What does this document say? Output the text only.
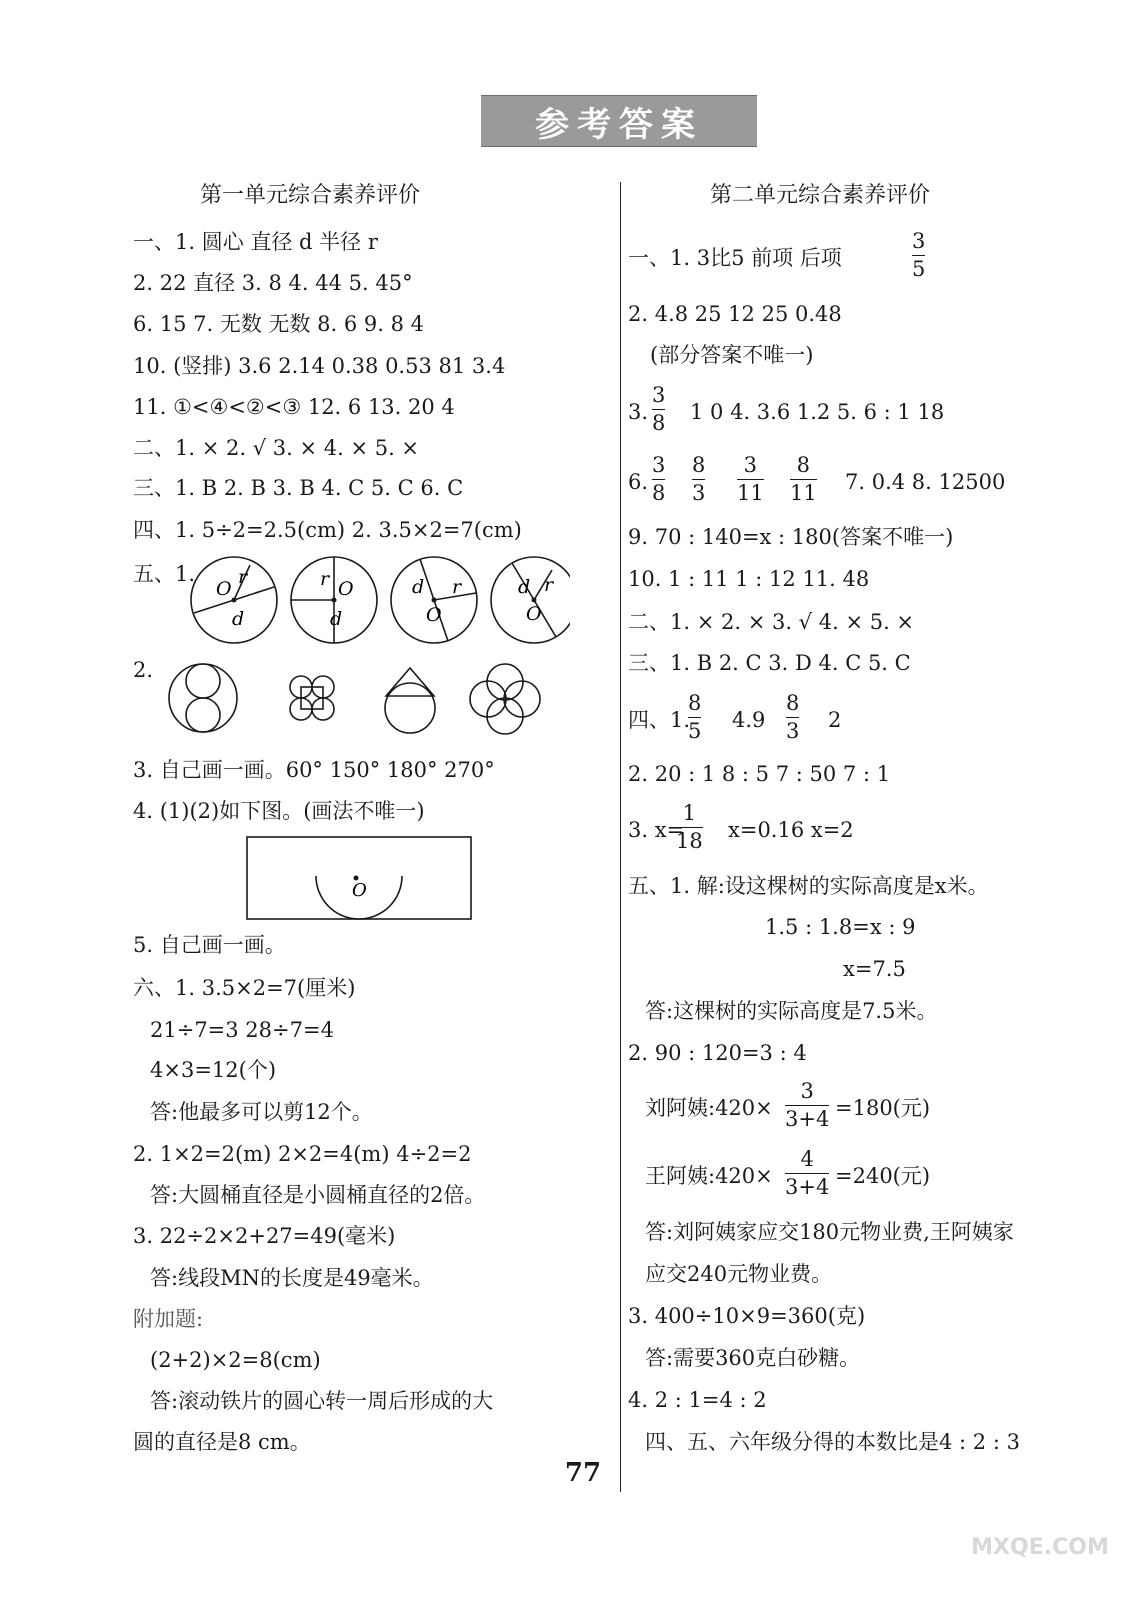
参考答案
第一单元综合素养评价	第二单元综合素养评价
一、1. 圆心 直径 d 半径 r
2. 22 直径 3. 8 4. 44 5. 45°
6. 15 7. 无数 无数 8. 6 9. 8 4
10. (竖排) 3.6 2.14 0.38 0.53 81 3.4
11. ①<④<②<③ 12. 6 13. 20 4
二、1. × 2. √ 3. × 4. × 5. ×
三、1. B 2. B 3. B 4. C 5. C 6. C
四、1. 5÷2=2.5(cm) 2. 3.5×2=7(cm)
五、1.
O
r
d
r O
d
d r
O
d r
O
2.
3. 自己画一画。60° 150° 180° 270°
4. (1)(2)如下图。(画法不唯一)
O
5. 自己画一画。
六、1. 3.5×2=7(厘米)
21÷7=3 28÷7=4
4×3=12(个)
答:他最多可以剪12个。
2. 1×2=2(m) 2×2=4(m) 4÷2=2
答:大圆桶直径是小圆桶直径的2倍。
3. 22÷2×2+27=49(毫米)
答:线段MN的长度是49毫米。
附加题:
(2+2)×2=8(cm)
答:滚动铁片的圆心转一周后形成的大
圆的直径是8 cm。
一、1. 3比5 前项 后项
3
5
2. 4.8 25 12 25 0.48
(部分答案不唯一)
3.
3
8 1 0 4. 3.6 1.2 5. 6 : 1 18
6.
3
8
8
3
3
11
8
11 7. 0.4 8. 12500
9. 70 : 140=x : 180(答案不唯一)
10. 1 : 11 1 : 12 11. 48
二、1. × 2. × 3. √ 4. × 5. ×
三、1. B 2. C 3. D 4. C 5. C
四、1.
8
5 4.9
8
3 2
2. 20 : 1 8 : 5 7 : 50 7 : 1
3. x=
1
18 x=0.16 x=2
五、1. 解:设这棵树的实际高度是x米。
1.5 : 1.8=x : 9
x=7.5
答:这棵树的实际高度是7.5米。
2. 90 : 120=3 : 4
刘阿姨:420×
3
3+4 =180(元)
王阿姨:420×
4
3+4 =240(元)
答:刘阿姨家应交180元物业费,王阿姨家
应交240元物业费。
3. 400÷10×9=360(克)
答:需要360克白砂糖。
4. 2 : 1=4 : 2
四、五、六年级分得的本数比是4 : 2 : 3
77
MXQE.COM
